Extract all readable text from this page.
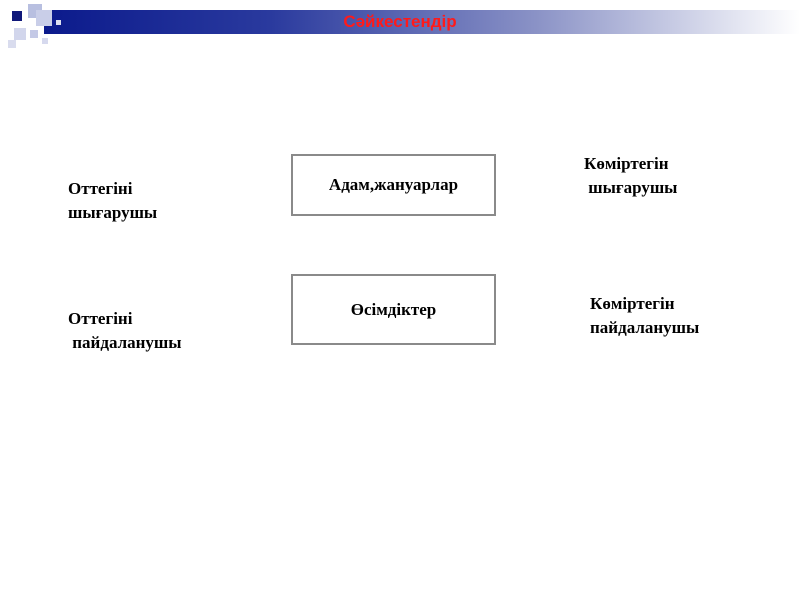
Сәйкестендір
Оттегіні
шығарушы
Оттегіні
пайдаланушы
Көміртегін
шығарушы
Көміртегін
пайдаланушы
Адам,жануарлар
Өсімдіктер
